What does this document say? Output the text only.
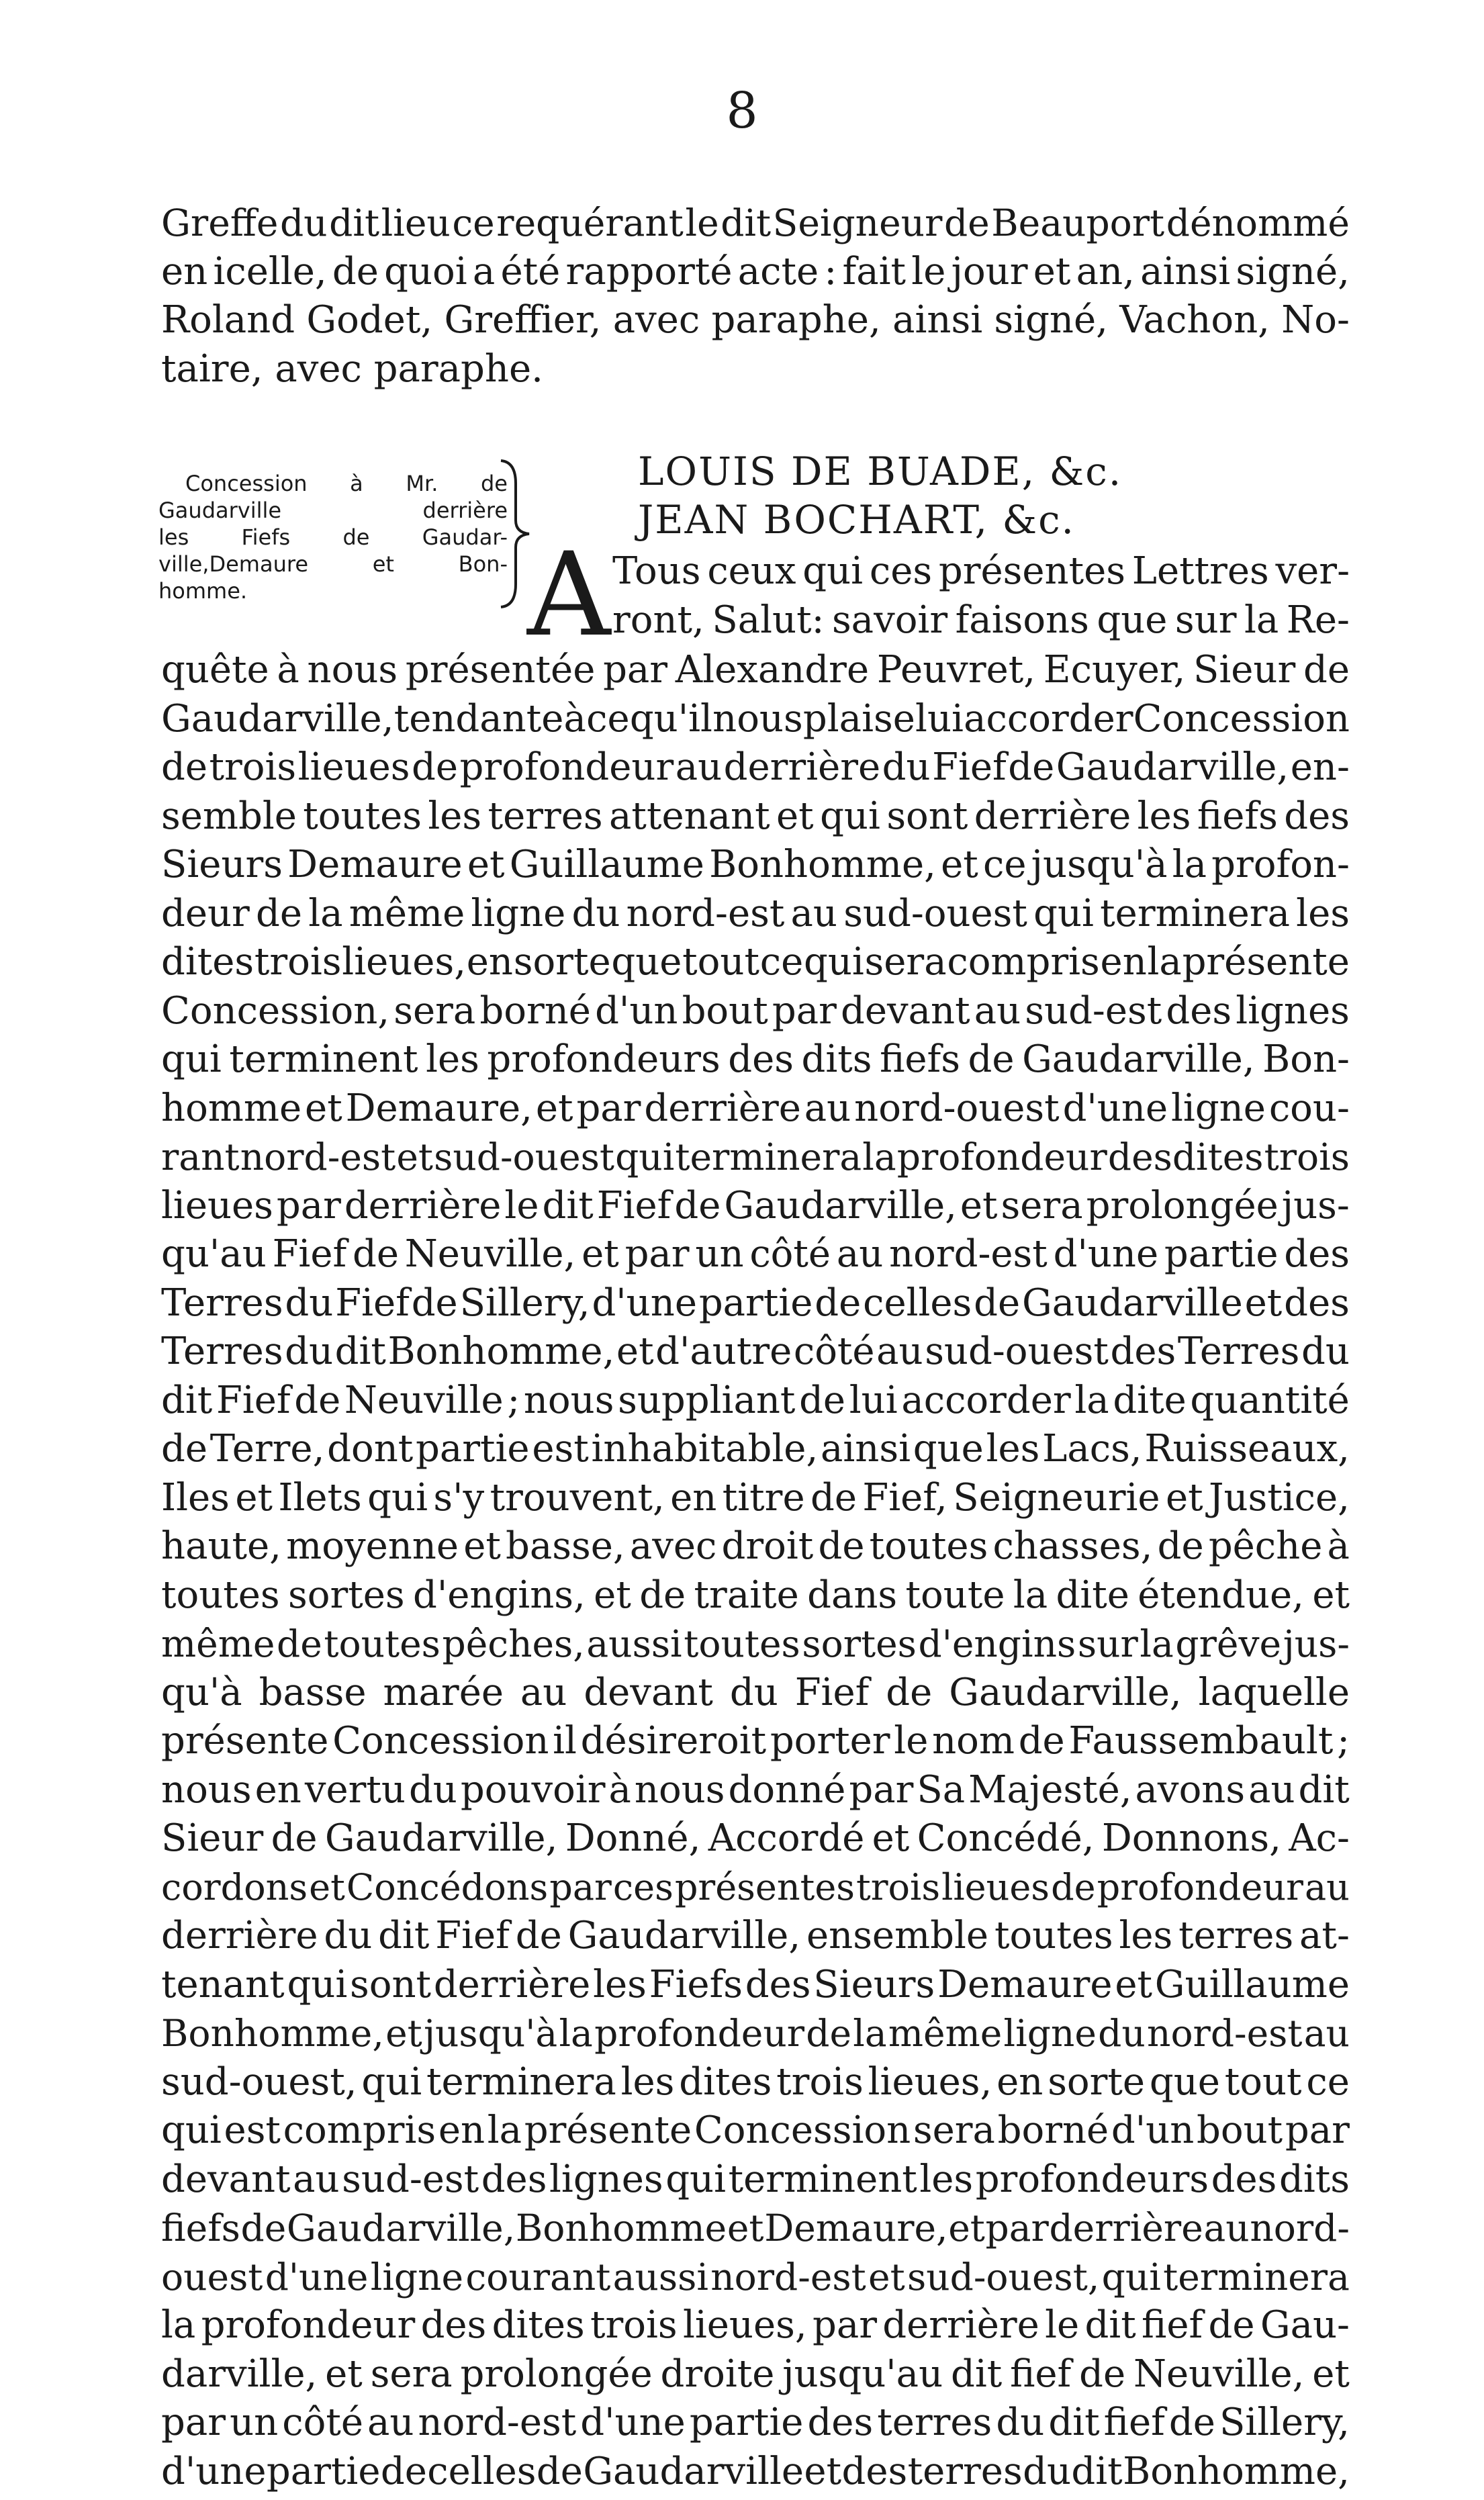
8
Greffe du dit lieu ce requérant le dit Seigneur de Beauport dénommé
en icelle, de quoi a été rapporté acte : fait le jour et an, ainsi signé,
Roland Godet, Greffier, avec paraphe, ainsi signé, Vachon, No-
taire, avec paraphe.
Concession à Mr. de
Gaudarville	derrière
les Fiefs de Gaudar-
ville,Demaure	et	Bon-
homme.
LOUIS DE BUADE, &c.
JEAN BOCHART, &c.
A Tous ceux qui ces présentes Lettres ver-
ront, Salut: savoir faisons que sur la Re-
quête à nous présentée par Alexandre Peuvret, Ecuyer, Sieur de
Gaudarville, tendante à ce qu'il nous plaise lui accorder Concession
de trois lieues de profondeur au derrière du Fief de Gaudarville, en-
semble toutes les terres attenant et qui sont derrière les fiefs des
Sieurs Demaure et Guillaume Bonhomme, et ce jusqu'à la profon-
deur de la même ligne du nord-est au sud-ouest qui terminera les
dites trois lieues, en sorte que tout ce qui sera compris en la présente
Concession, sera borné d'un bout par devant au sud-est des lignes
qui terminent les profondeurs des dits fiefs de Gaudarville, Bon-
homme et Demaure, et par derrière au nord-ouest d'une ligne cou-
rant nord-est et sud-ouest qui terminera la profondeur desdites trois
lieues par derrière le dit Fief de Gaudarville, et sera prolongée jus-
qu'au Fief de Neuville, et par un côté au nord-est d'une partie des
Terres du Fief de Sillery, d'une partie de celles de Gaudarville et des
Terres du dit Bonhomme, et d'autre côté au sud-ouest des Terres du
dit Fief de Neuville ; nous suppliant de lui accorder la dite quantité
de Terre, dont partie est inhabitable, ainsi que les Lacs, Ruisseaux,
Iles et Ilets qui s'y trouvent, en titre de Fief, Seigneurie et Justice,
haute, moyenne et basse, avec droit de toutes chasses, de pêche à
toutes sortes d'engins, et de traite dans toute la dite étendue, et
même de toutes pêches, aussi toutes sortes d'engins sur la grêve jus-
qu'à basse marée au devant du Fief de Gaudarville, laquelle
présente Concession il désireroit porter le nom de Faussembault ;
nous en vertu du pouvoir à nous donné par Sa Majesté, avons au dit
Sieur de Gaudarville, Donné, Accordé et Concédé, Donnons, Ac-
cordons et Concédons par ces présentes trois lieues de profondeur au
derrière du dit Fief de Gaudarville, ensemble toutes les terres at-
tenant qui sont derrière les Fiefs des Sieurs Demaure et Guillaume
Bonhomme, et jusqu'à la profondeur de la même ligne du nord-est au
sud-ouest, qui terminera les dites trois lieues, en sorte que tout ce
qui est compris en la présente Concession sera borné d'un bout par
devant au sud-est des lignes qui terminent les profondeurs des dits
fiefs de Gaudarville, Bonhomme et Demaure, et par derrière au nord-
ouest d'une ligne courant aussi nord-est et sud-ouest, qui terminera
la profondeur des dites trois lieues, par derrière le dit fief de Gau-
darville, et sera prolongée droite jusqu'au dit fief de Neuville, et
par un côté au nord-est d'une partie des terres du dit fief de Sillery,
d'une partie de celles de Gaudarville et des terres du dit Bonhomme,
